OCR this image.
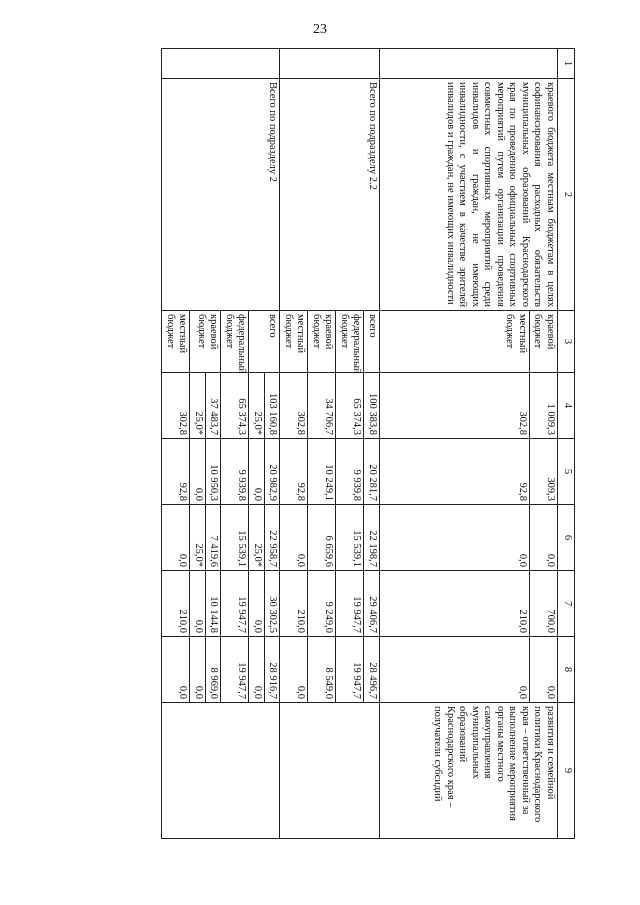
23
1	2	3	4	5	6	7	8	9
	краевого бюджета местным бюджетам в целях софинансирования расходных обязательств муниципальных образований Краснодарского края по проведению официальных спортивных мероприятий путем организации проведения совместных спортивных мероприятий среди инвалидов и граждан, не имеющих инвалидности, с участием в качестве зрителей инвалидов и граждан, не имеющих инвалидности	краевой бюджет	1 009,3	309,3	0,0	700,0	0,0	развития и семейной политики Краснодарского края – ответственный за выполнение мероприятия органы местного самоуправления муниципальных образований Краснодарского края – получатели субсидий
		местный бюджет	302,8	92,8	0,0	210,0	0,0	
	Всего по подразделу 2.2	всего	100 383,8	20 281,7	22 198,7	29 406,7	28 496,7	
		федеральный бюджет	65 374,3	9 939,8	15 539,1	19 947,7	19 947,7	
		краевой бюджет	34 706,7	10 249,1	6 659,6	9 249,0	8 549,0	
		местный бюджет	302,8	92,8	0,0	210,0	0,0	
	Всего по подразделу 2	всего	103 160,8	20 982,9	22 958,7	30 302,5	28 916,7	
			25,0*	0,0	25,0*	0,0	0,0	
		федеральный бюджет	65 374,3	9 939,8	15 539,1	19 947,7	19 947,7	
		краевой бюджет	37 483,7	10 950,3	7 419,6	10 144,8	8 969,0	
			25,0*	0,0	25,0*	0,0	0,0	
		местный бюджет	302,8	92,8	0,0	210,0	0,0	
